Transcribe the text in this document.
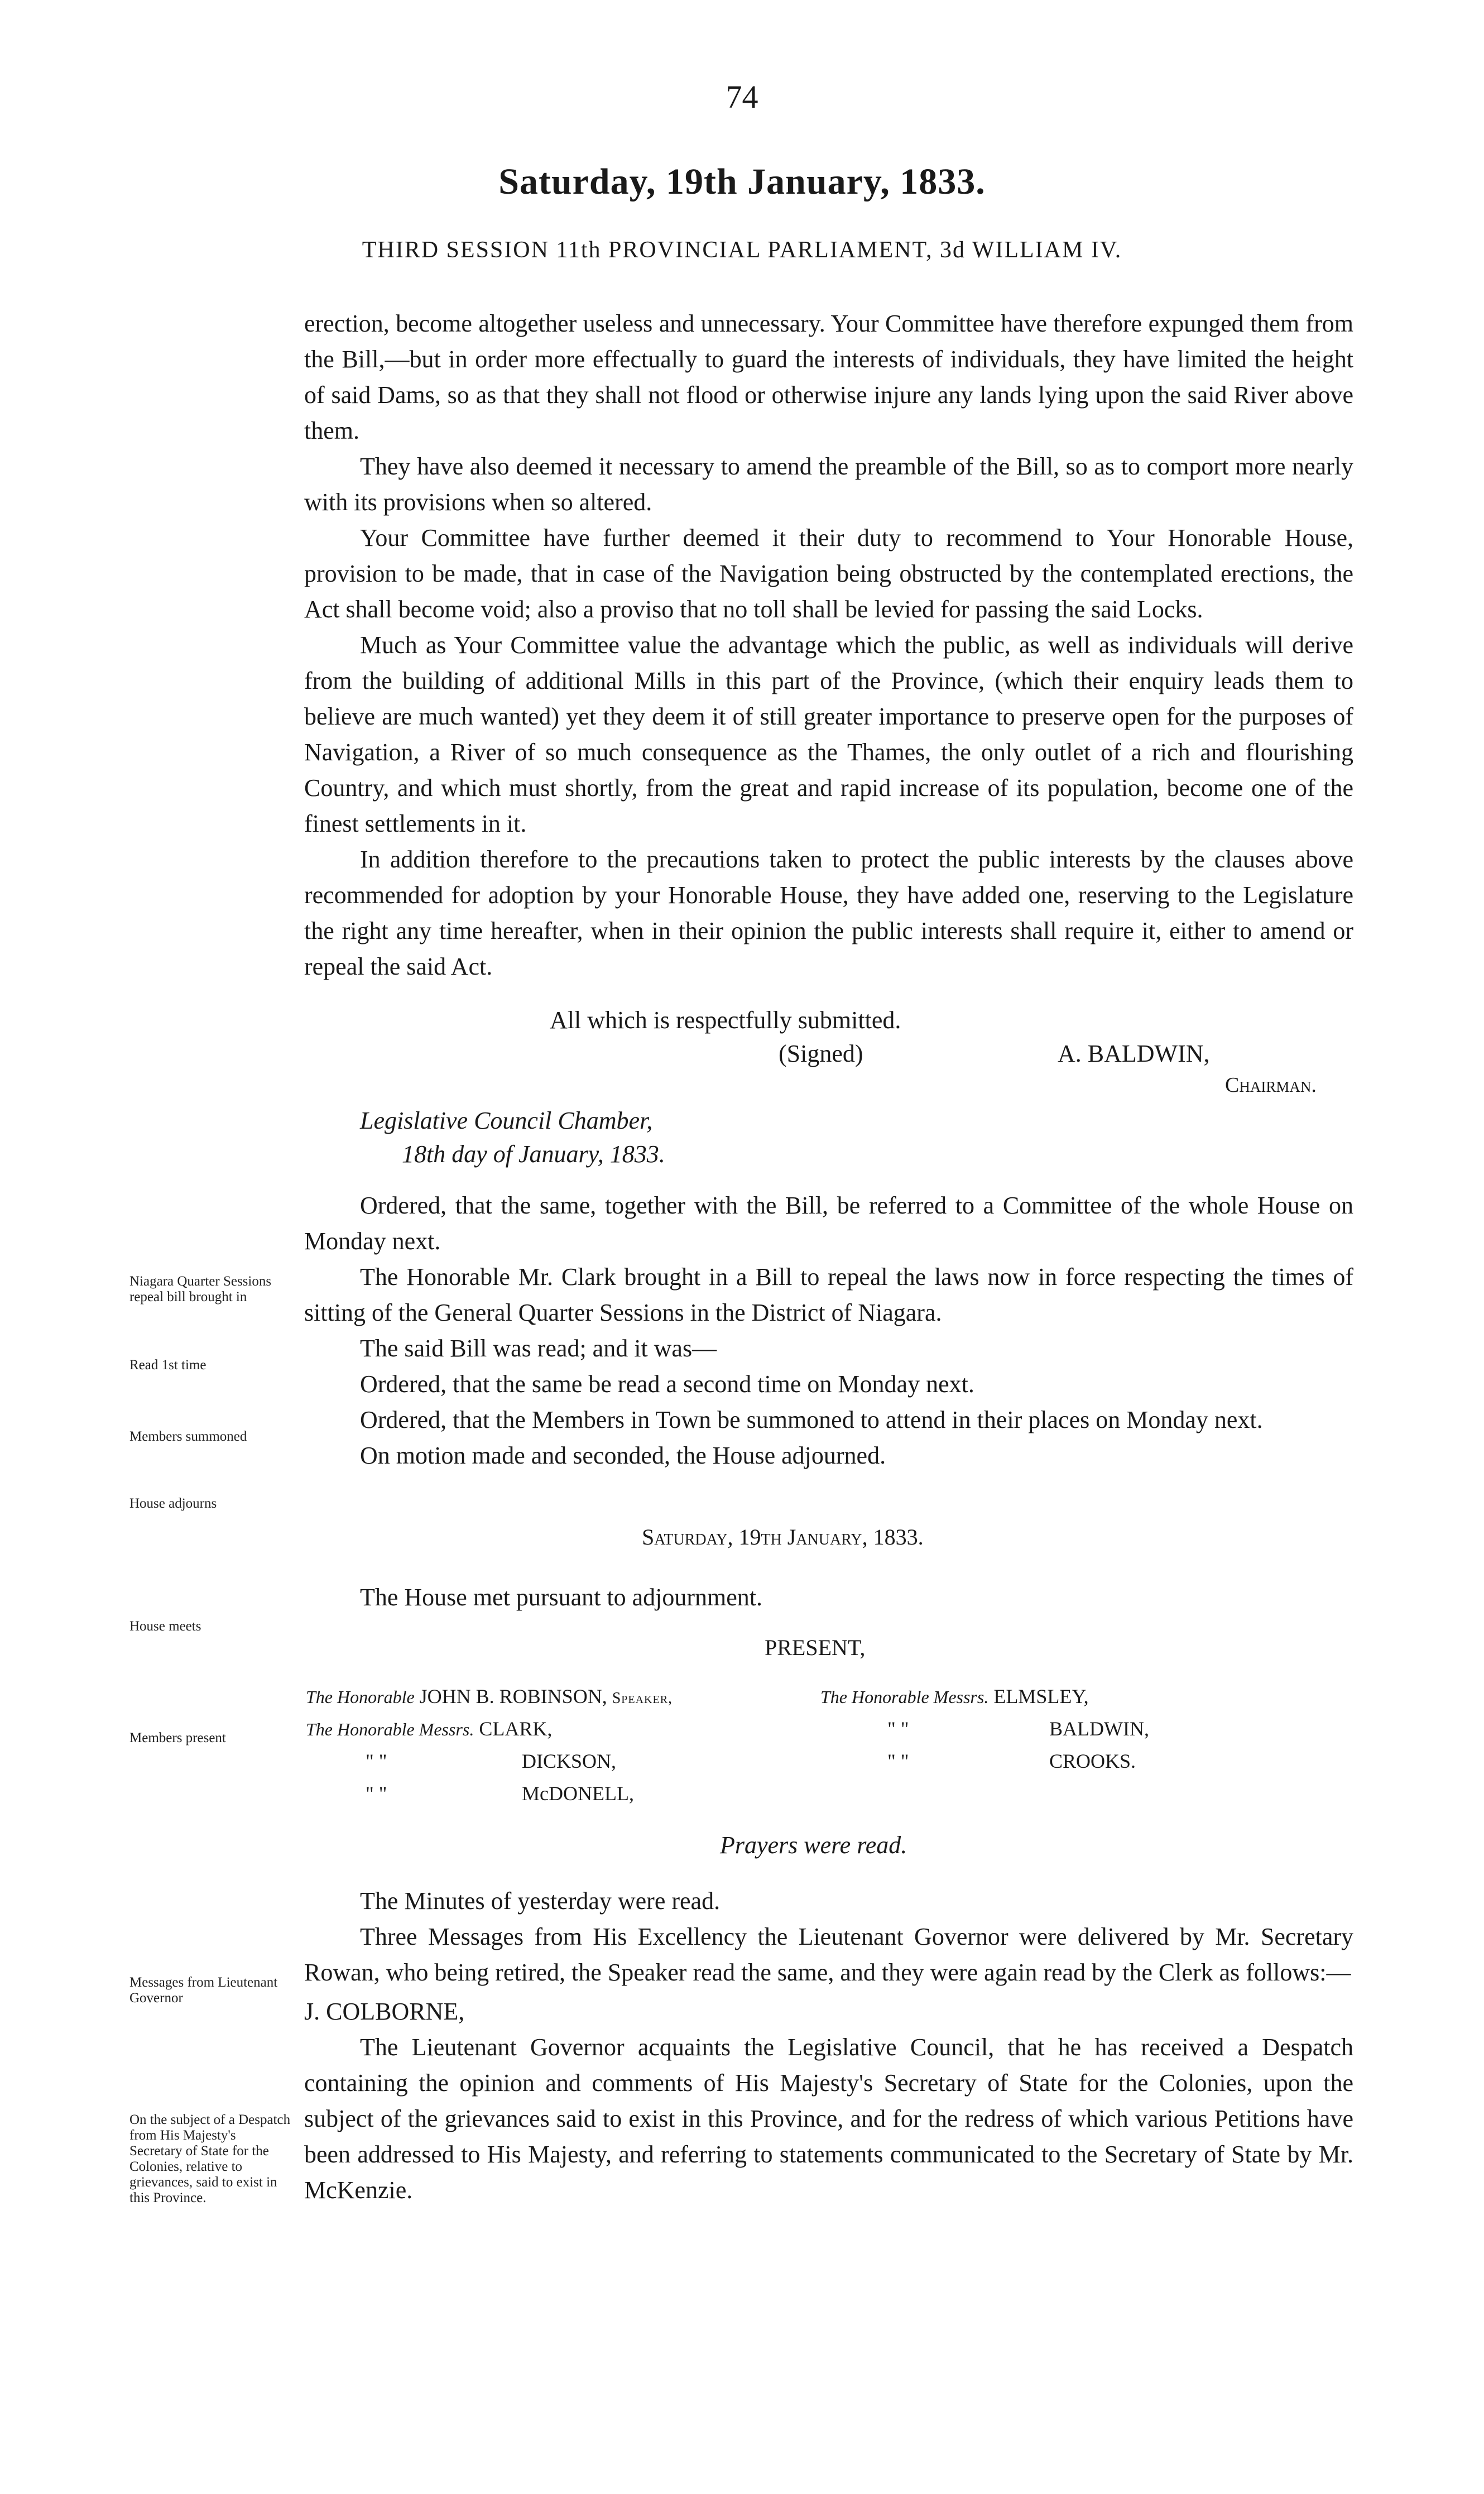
74
Saturday, 19th January, 1833.
THIRD SESSION 11th PROVINCIAL PARLIAMENT, 3d WILLIAM IV.

erection, become altogether useless and unnecessary. Your Committee have therefore expunged them from the Bill,—but in order more effectually to guard the interests of individuals, they have limited the height of said Dams, so as that they shall not flood or otherwise injure any lands lying upon the said River above them.

They have also deemed it necessary to amend the preamble of the Bill, so as to comport more nearly with its provisions when so altered.

Your Committee have further deemed it their duty to recommend to Your Honorable House, provision to be made, that in case of the Navigation being obstructed by the contemplated erections, the Act shall become void; also a proviso that no toll shall be levied for passing the said Locks.

Much as Your Committee value the advantage which the public, as well as individuals will derive from the building of additional Mills in this part of the Province, (which their enquiry leads them to believe are much wanted) yet they deem it of still greater importance to preserve open for the purposes of Navigation, a River of so much consequence as the Thames, the only outlet of a rich and flourishing Country, and which must shortly, from the great and rapid increase of its population, become one of the finest settlements in it.

In addition therefore to the precautions taken to protect the public interests by the clauses above recommended for adoption by your Honorable House, they have added one, reserving to the Legislature the right any time hereafter, when in their opinion the public interests shall require it, either to amend or repeal the said Act.

All which is respectfully submitted.
(Signed)	A. BALDWIN,
Chairman.
Legislative Council Chamber,
18th day of January, 1833.

Ordered, that the same, together with the Bill, be referred to a Committee of the whole House on Monday next.

The Honorable Mr. Clark brought in a Bill to repeal the laws now in force respecting the times of sitting of the General Quarter Sessions in the District of Niagara.

The said Bill was read; and it was—

Ordered, that the same be read a second time on Monday next.

Ordered, that the Members in Town be summoned to attend in their places on Monday next.

On motion made and seconded, the House adjourned.

Saturday, 19th January, 1833.
The House met pursuant to adjournment.
PRESENT,
The Honorable JOHN B. ROBINSON, Speaker,	The Honorable Messrs. ELMSLEY,
The Honorable Messrs. CLARK,	" "	BALDWIN,
" "	DICKSON,	" "	CROOKS.
" "	McDONELL,
Prayers were read.

The Minutes of yesterday were read.

Three Messages from His Excellency the Lieutenant Governor were delivered by Mr. Secretary Rowan, who being retired, the Speaker read the same, and they were again read by the Clerk as follows:—

J. COLBORNE,

The Lieutenant Governor acquaints the Legislative Council, that he has received a Despatch containing the opinion and comments of His Majesty's Secretary of State for the Colonies, upon the subject of the grievances said to exist in this Province, and for the redress of which various Petitions have been addressed to His Majesty, and referring to statements communicated to the Secretary of State by Mr. McKenzie.

Niagara Quarter Sessions repeal bill brought in
Read 1st time
Members summoned
House adjourns
House meets
Members present
Messages from Lieutenant Governor
On the subject of a Despatch from His Majesty's Secretary of State for the Colonies, relative to grievances, said to exist in this Province.
